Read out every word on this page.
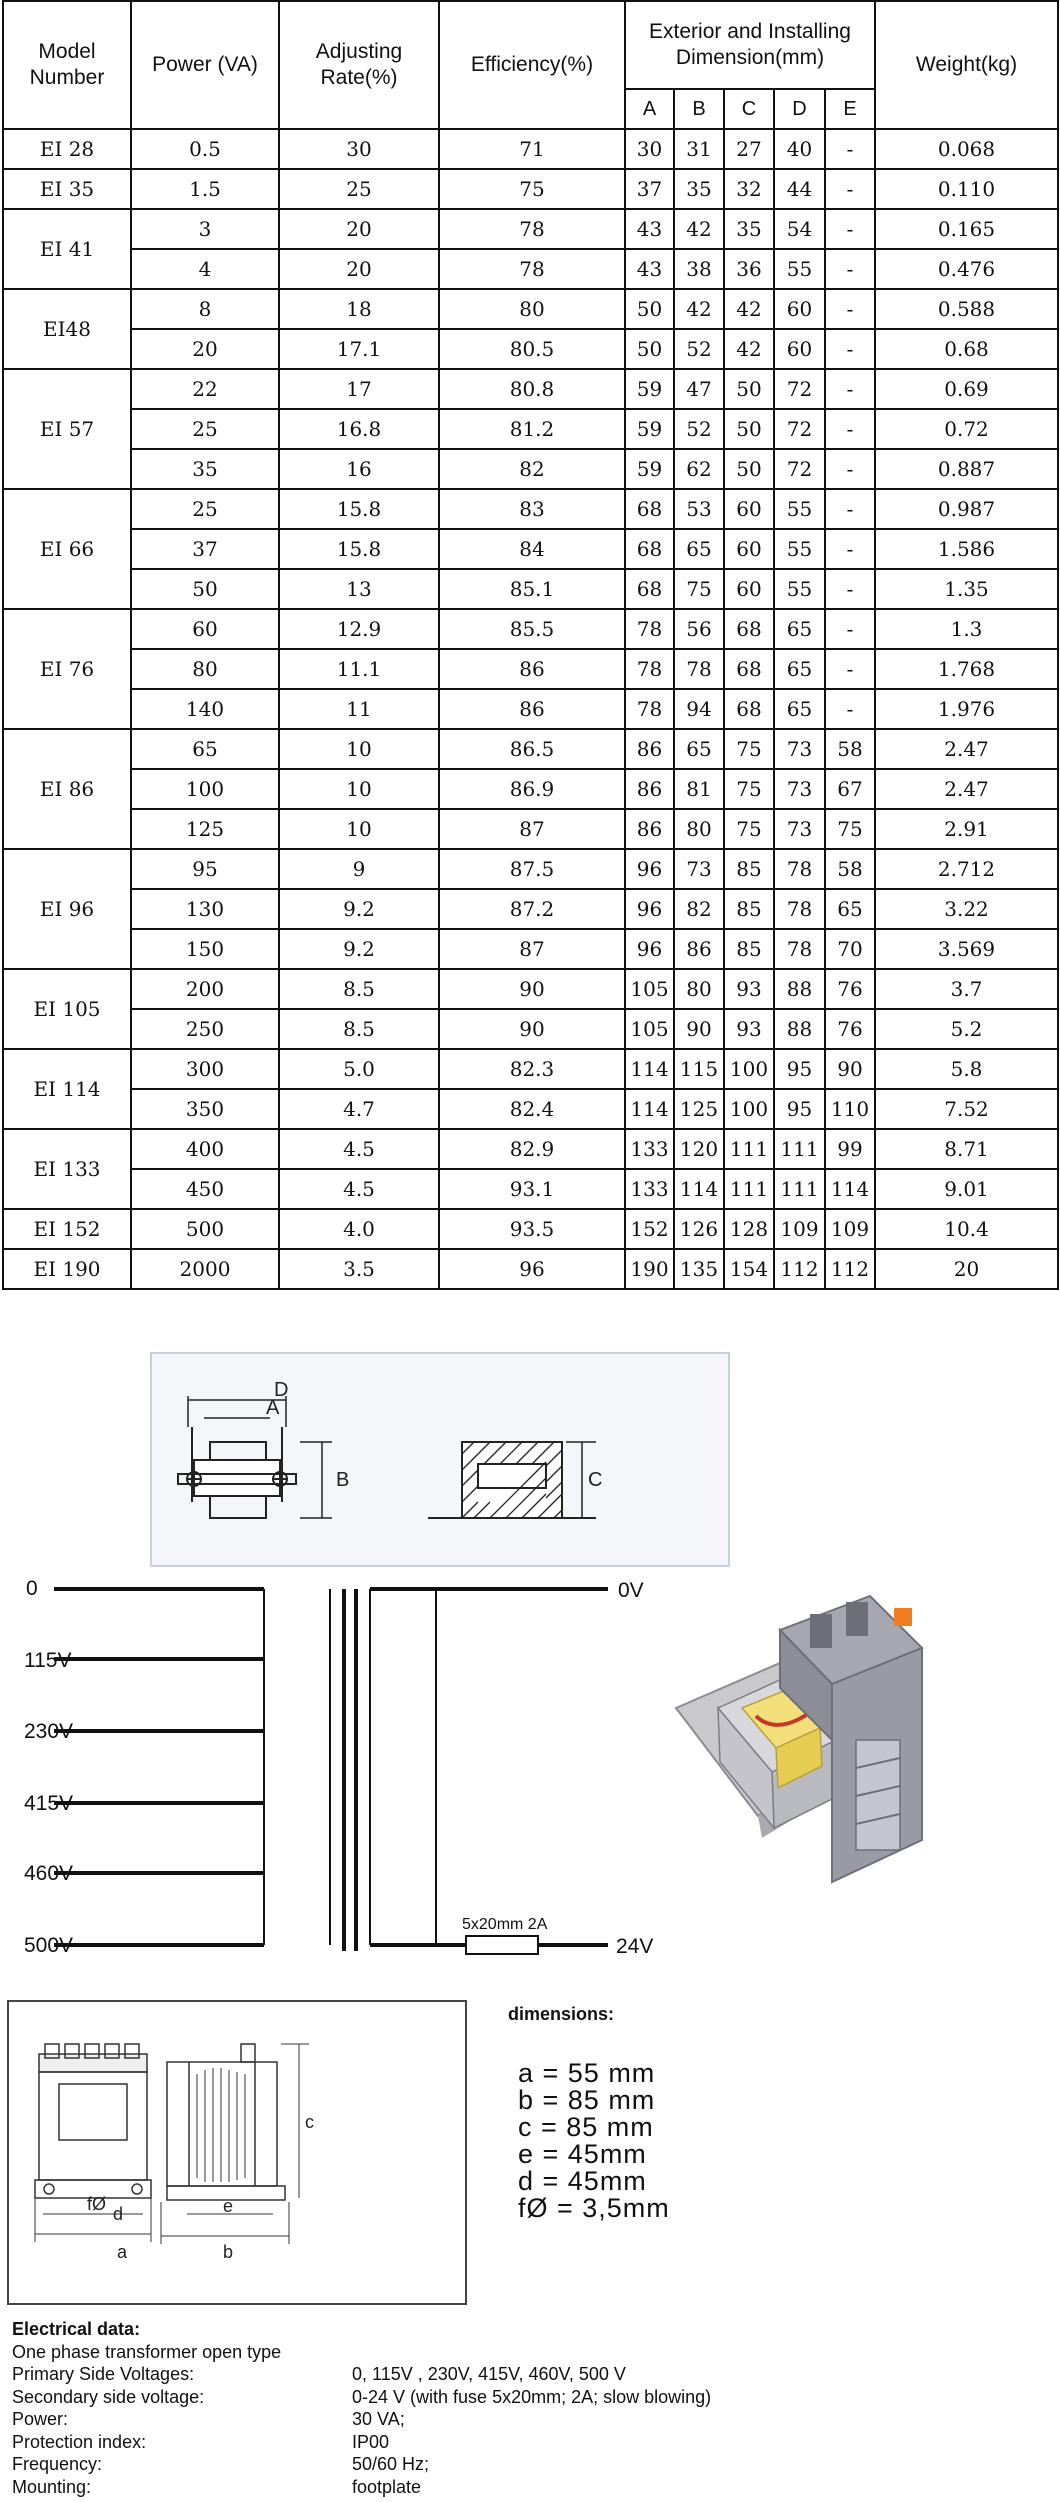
Model Number	Power (VA)	Adjusting Rate(%)	Efficiency(%)	Exterior and Installing Dimension(mm)					Weight(kg)
				A	B	C	D	E	
EI 28	0.5	30	71	30	31	27	40	-	0.068
EI 35	1.5	25	75	37	35	32	44	-	0.110
EI 41	3	20	78	43	42	35	54	-	0.165
	4	20	78	43	38	36	55	-	0.476
EI48	8	18	80	50	42	42	60	-	0.588
	20	17.1	80.5	50	52	42	60	-	0.68
EI 57	22	17	80.8	59	47	50	72	-	0.69
	25	16.8	81.2	59	52	50	72	-	0.72
	35	16	82	59	62	50	72	-	0.887
EI 66	25	15.8	83	68	53	60	55	-	0.987
	37	15.8	84	68	65	60	55	-	1.586
	50	13	85.1	68	75	60	55	-	1.35
EI 76	60	12.9	85.5	78	56	68	65	-	1.3
	80	11.1	86	78	78	68	65	-	1.768
	140	11	86	78	94	68	65	-	1.976
EI 86	65	10	86.5	86	65	75	73	58	2.47
	100	10	86.9	86	81	75	73	67	2.47
	125	10	87	86	80	75	73	75	2.91
EI 96	95	9	87.5	96	73	85	78	58	2.712
	130	9.2	87.2	96	82	85	78	65	3.22
	150	9.2	87	96	86	85	78	70	3.569
EI 105	200	8.5	90	105	80	93	88	76	3.7
	250	8.5	90	105	90	93	88	76	5.2
EI 114	300	5.0	82.3	114	115	100	95	90	5.8
	350	4.7	82.4	114	125	100	95	110	7.52
EI 133	400	4.5	82.9	133	120	111	111	99	8.71
	450	4.5	93.1	133	114	111	111	114	9.01
EI 152	500	4.0	93.5	152	126	128	109	109	10.4
EI 190	2000	3.5	96	190	135	154	112	112	20
D
A
B	C
0
115V
230V
415V
460V
500V
0V
24V
5x20mm 2A
fØ d
a
e
b
c
dimensions:
a = 55 mm
b = 85 mm
c = 85 mm
e = 45mm
d = 45mm
fØ = 3,5mm
Electrical data:
One phase transformer open type
Primary Side Voltages:	0, 115V , 230V, 415V, 460V, 500 V
Secondary side voltage:	0-24 V (with fuse 5x20mm; 2A; slow blowing)
Power:	30 VA;
Protection index:	IP00
Frequency:	50/60 Hz;
Mounting:	footplate
